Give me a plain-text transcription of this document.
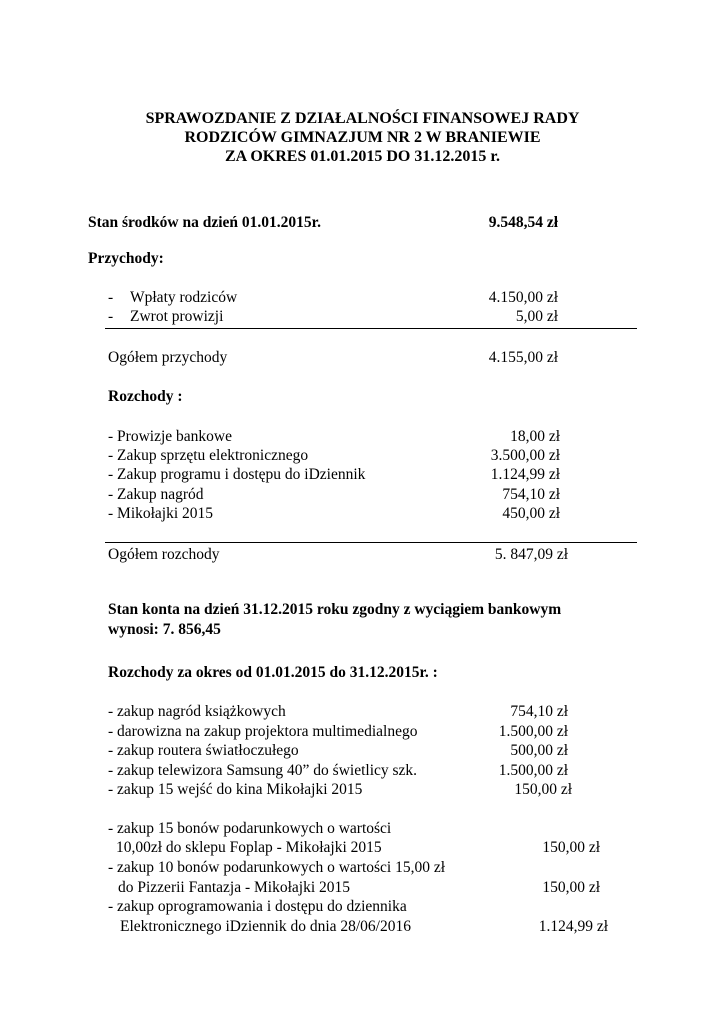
SPRAWOZDANIE Z DZIAŁALNOŚCI FINANSOWEJ RADY
RODZICÓW GIMNAZJUM NR 2 W BRANIEWIE
ZA OKRES 01.01.2015 DO 31.12.2015 r.
Stan środków na dzień 01.01.2015r.	9.548,54 zł
Przychody:
- Wpłaty rodziców	4.150,00 zł
- Zwrot prowizji	5,00 zł
Ogółem przychody	4.155,00 zł
Rozchody :
- Prowizje bankowe	18,00 zł
- Zakup sprzętu elektronicznego	3.500,00 zł
- Zakup programu i dostępu do iDziennik	1.124,99 zł
- Zakup nagród	754,10 zł
- Mikołajki 2015	450,00 zł
Ogółem rozchody	5. 847,09 zł
Stan konta na dzień 31.12.2015 roku zgodny z wyciągiem bankowym
wynosi: 7. 856,45
Rozchody za okres od 01.01.2015 do 31.12.2015r. :
- zakup nagród książkowych	754,10 zł
- darowizna na zakup projektora multimedialnego	1.500,00 zł
- zakup routera światłoczułego	500,00 zł
- zakup telewizora Samsung 40” do świetlicy szk.	1.500,00 zł
- zakup 15 wejść do kina Mikołajki 2015	150,00 zł
- zakup 15 bonów podarunkowych o wartości
10,00zł do sklepu Foplap - Mikołajki 2015	150,00 zł
- zakup 10 bonów podarunkowych o wartości 15,00 zł
do Pizzerii Fantazja - Mikołajki 2015	150,00 zł
- zakup oprogramowania i dostępu do dziennika
Elektronicznego iDziennik do dnia 28/06/2016	1.124,99 zł
